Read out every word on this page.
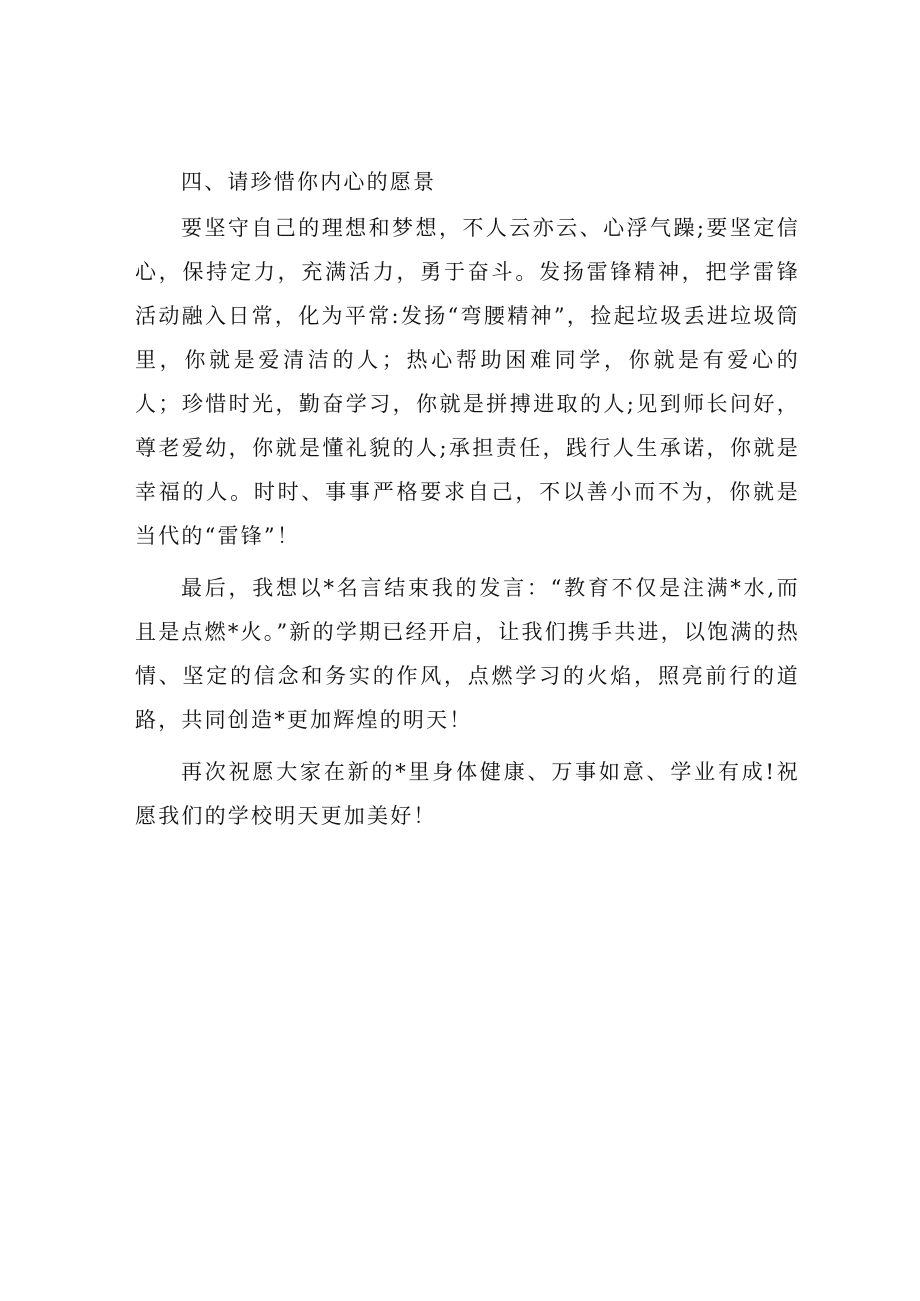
四、请珍惜你内心的愿景

要坚守自己的理想和梦想，不人云亦云、心浮气躁;要坚定信心，保持定力，充满活力，勇于奋斗。发扬雷锋精神，把学雷锋活动融入日常，化为平常:发扬“弯腰精神”，捡起垃圾丢进垃圾筒里，你就是爱清洁的人；热心帮助困难同学，你就是有爱心的人；珍惜时光，勤奋学习，你就是拼搏进取的人;见到师长问好，尊老爱幼，你就是懂礼貌的人;承担责任，践行人生承诺，你就是幸福的人。时时、事事严格要求自己，不以善小而不为，你就是当代的“雷锋”！

最后，我想以*名言结束我的发言：“教育不仅是注满*水,而且是点燃*火。”新的学期已经开启，让我们携手共进，以饱满的热情、坚定的信念和务实的作风，点燃学习的火焰，照亮前行的道路，共同创造*更加辉煌的明天！

再次祝愿大家在新的*里身体健康、万事如意、学业有成!祝愿我们的学校明天更加美好！
